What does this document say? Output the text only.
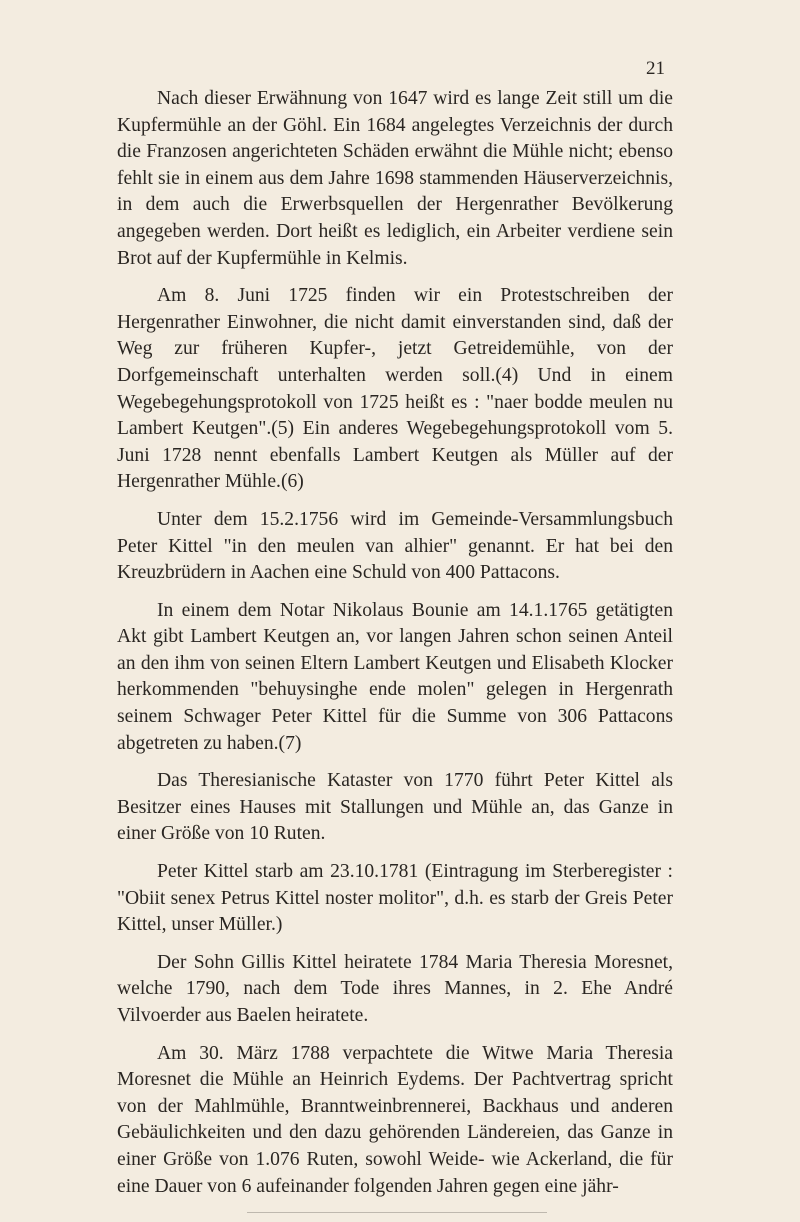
21

Nach dieser Erwähnung von 1647 wird es lange Zeit still um die Kupfermühle an der Göhl. Ein 1684 angelegtes Verzeichnis der durch die Franzosen angerichteten Schäden erwähnt die Mühle nicht; ebenso fehlt sie in einem aus dem Jahre 1698 stammenden Häuserverzeichnis, in dem auch die Erwerbsquellen der Hergenrather Bevölkerung angegeben werden. Dort heißt es lediglich, ein Arbeiter verdiene sein Brot auf der Kupfermühle in Kelmis.

Am 8. Juni 1725 finden wir ein Protestschreiben der Hergenrather Einwohner, die nicht damit einverstanden sind, daß der Weg zur früheren Kupfer-, jetzt Getreidemühle, von der Dorfgemeinschaft unterhalten werden soll.(4) Und in einem Wegebegehungsprotokoll von 1725 heißt es : "naer bodde meulen nu Lambert Keutgen".(5) Ein anderes Wegebegehungsprotokoll vom 5. Juni 1728 nennt ebenfalls Lambert Keutgen als Müller auf der Hergenrather Mühle.(6)

Unter dem 15.2.1756 wird im Gemeinde-Versammlungsbuch Peter Kittel "in den meulen van alhier" genannt. Er hat bei den Kreuzbrüdern in Aachen eine Schuld von 400 Pattacons.

In einem dem Notar Nikolaus Bounie am 14.1.1765 getätigten Akt gibt Lambert Keutgen an, vor langen Jahren schon seinen Anteil an den ihm von seinen Eltern Lambert Keutgen und Elisabeth Klocker herkommenden "behuysinghe ende molen" gelegen in Hergenrath seinem Schwager Peter Kittel für die Summe von 306 Pattacons abgetreten zu haben.(7)

Das Theresianische Kataster von 1770 führt Peter Kittel als Besitzer eines Hauses mit Stallungen und Mühle an, das Ganze in einer Größe von 10 Ruten.

Peter Kittel starb am 23.10.1781 (Eintragung im Sterberegister : "Obiit senex Petrus Kittel noster molitor", d.h. es starb der Greis Peter Kittel, unser Müller.)

Der Sohn Gillis Kittel heiratete 1784 Maria Theresia Moresnet, welche 1790, nach dem Tode ihres Mannes, in 2. Ehe André Vilvoerder aus Baelen heiratete.

Am 30. März 1788 verpachtete die Witwe Maria Theresia Moresnet die Mühle an Heinrich Eydems. Der Pachtvertrag spricht von der Mahlmühle, Branntweinbrennerei, Backhaus und anderen Gebäulichkeiten und den dazu gehörenden Ländereien, das Ganze in einer Größe von 1.076 Ruten, sowohl Weide- wie Ackerland, die für eine Dauer von 6 aufeinander folgenden Jahren gegen eine jähr-
